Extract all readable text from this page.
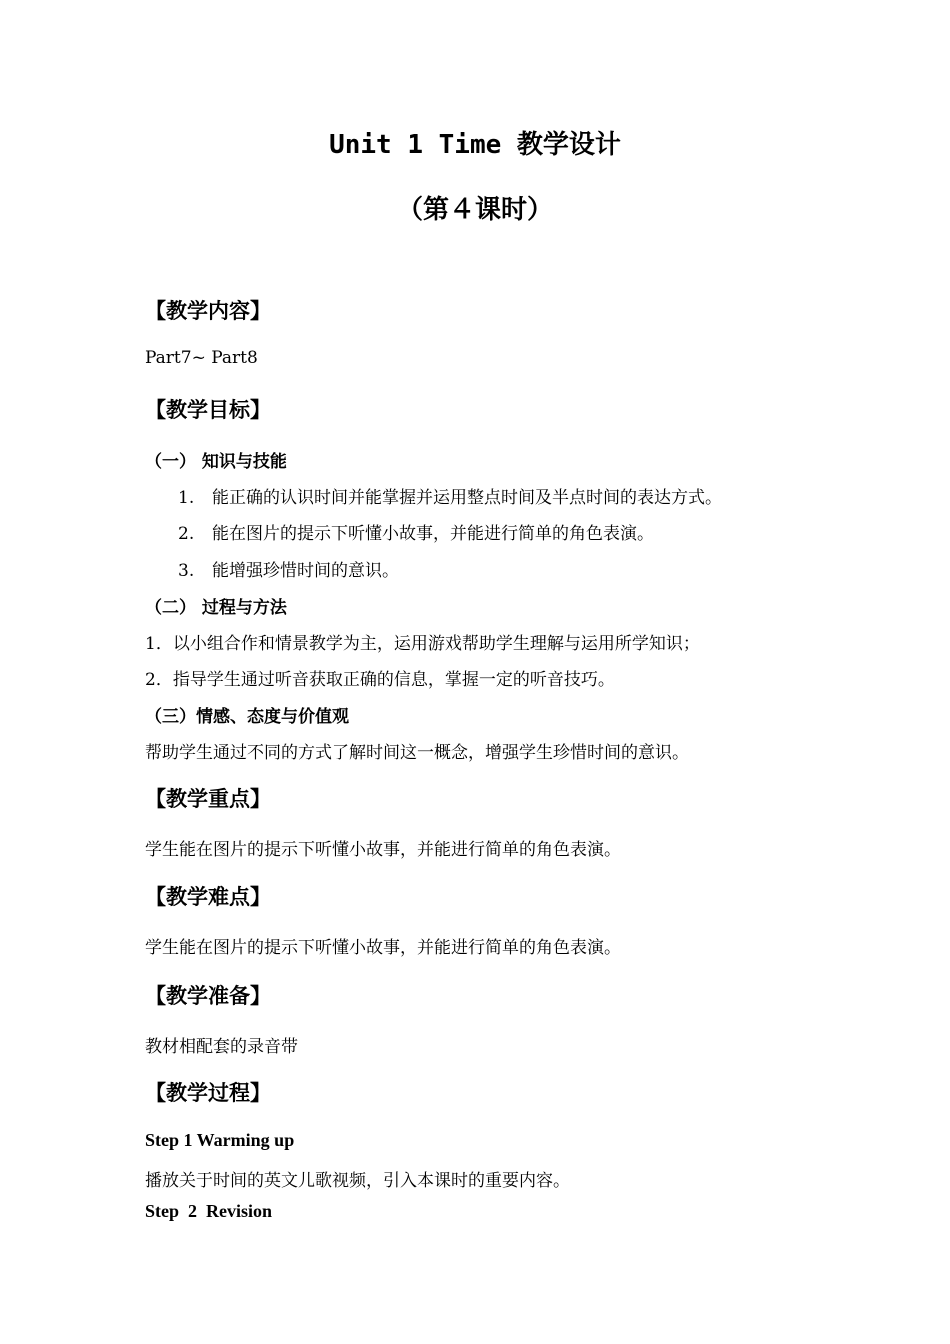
Unit 1 Time 教学设计
（第４课时）
【教学内容】
Part7~ Part8
【教学目标】
（一） 知识与技能
1. 能正确的认识时间并能掌握并运用整点时间及半点时间的表达方式。
2. 能在图片的提示下听懂小故事，并能进行简单的角色表演。
3. 能增强珍惜时间的意识。
（二） 过程与方法
1．以小组合作和情景教学为主，运用游戏帮助学生理解与运用所学知识；
2．指导学生通过听音获取正确的信息，掌握一定的听音技巧。
（三）情感、态度与价值观
帮助学生通过不同的方式了解时间这一概念，增强学生珍惜时间的意识。
【教学重点】
学生能在图片的提示下听懂小故事，并能进行简单的角色表演。
【教学难点】
学生能在图片的提示下听懂小故事，并能进行简单的角色表演。
【教学准备】
教材相配套的录音带
【教学过程】
Step 1 Warming up
播放关于时间的英文儿歌视频，引入本课时的重要内容。
Step  2  Revision
